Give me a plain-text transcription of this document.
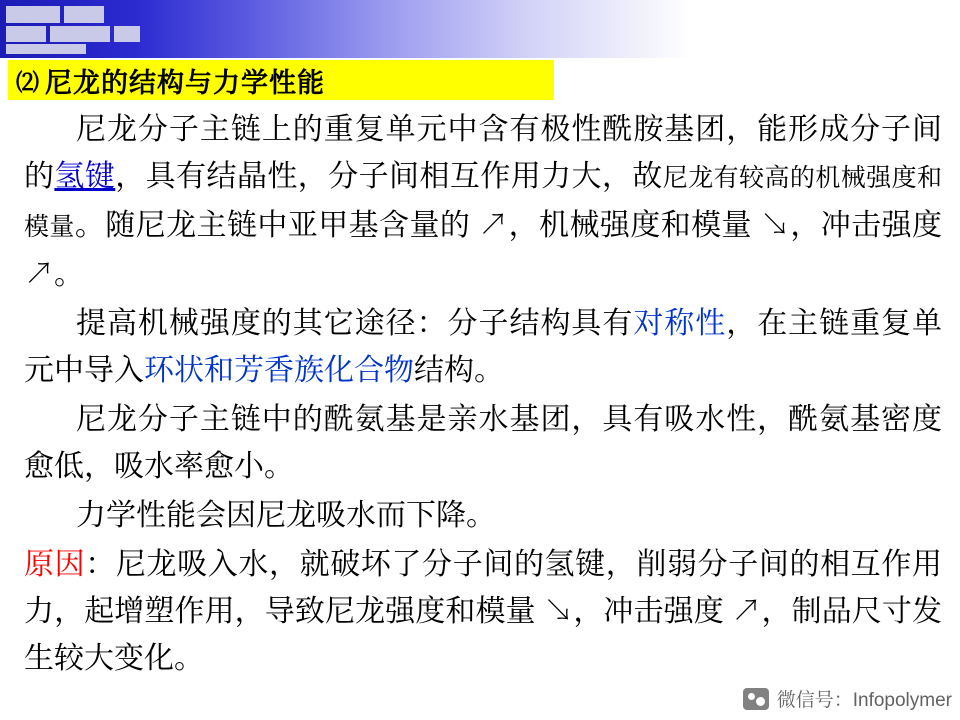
⑵ 尼龙的结构与力学性能

尼龙分子主链上的重复单元中含有极性酰胺基团，能形成分子间的氢键，具有结晶性，分子间相互作用力大，故尼龙有较高的机械强度和模量。随尼龙主链中亚甲基含量的 ↗，机械强度和模量 ↘，冲击强度 ↗。

提高机械强度的其它途径：分子结构具有对称性，在主链重复单元中导入环状和芳香族化合物结构。

尼龙分子主链中的酰氨基是亲水基团，具有吸水性，酰氨基密度愈低，吸水率愈小。

力学性能会因尼龙吸水而下降。

原因：尼龙吸入水，就破坏了分子间的氢键，削弱分子间的相互作用力，起增塑作用，导致尼龙强度和模量 ↘，冲击强度 ↗，制品尺寸发生较大变化。

微信号：Infopolymer
